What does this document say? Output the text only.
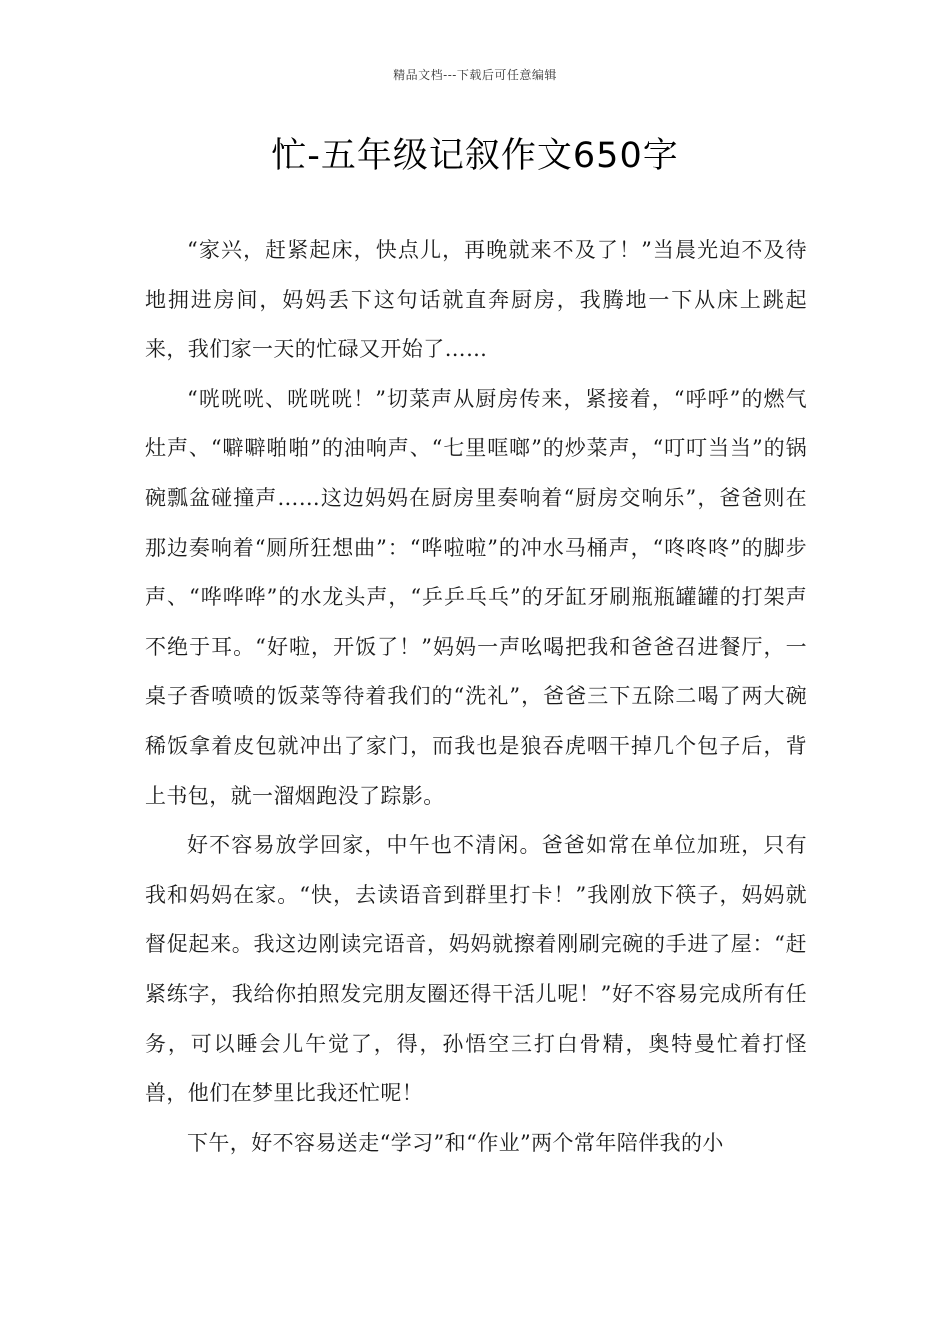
精品文档---下载后可任意编辑
忙-五年级记叙作文650字

“家兴，赶紧起床，快点儿，再晚就来不及了！”当晨光迫不及待地拥进房间，妈妈丢下这句话就直奔厨房，我腾地一下从床上跳起来，我们家一天的忙碌又开始了……

“咣咣咣、咣咣咣！”切菜声从厨房传来，紧接着，“呼呼”的燃气灶声、“噼噼啪啪”的油响声、“七里哐啷”的炒菜声，“叮叮当当”的锅碗瓢盆碰撞声……这边妈妈在厨房里奏响着“厨房交响乐”，爸爸则在那边奏响着“厕所狂想曲”：“哗啦啦”的冲水马桶声，“咚咚咚”的脚步声、“哗哗哗”的水龙头声，“乒乒乓乓”的牙缸牙刷瓶瓶罐罐的打架声不绝于耳。“好啦，开饭了！”妈妈一声吆喝把我和爸爸召进餐厅，一桌子香喷喷的饭菜等待着我们的“洗礼”，爸爸三下五除二喝了两大碗稀饭拿着皮包就冲出了家门，而我也是狼吞虎咽干掉几个包子后，背上书包，就一溜烟跑没了踪影。

好不容易放学回家，中午也不清闲。爸爸如常在单位加班，只有我和妈妈在家。“快，去读语音到群里打卡！”我刚放下筷子，妈妈就督促起来。我这边刚读完语音，妈妈就擦着刚刷完碗的手进了屋：“赶紧练字，我给你拍照发完朋友圈还得干活儿呢！”好不容易完成所有任务，可以睡会儿午觉了，得，孙悟空三打白骨精，奥特曼忙着打怪兽，他们在梦里比我还忙呢！

下午，好不容易送走“学习”和“作业”两个常年陪伴我的小
